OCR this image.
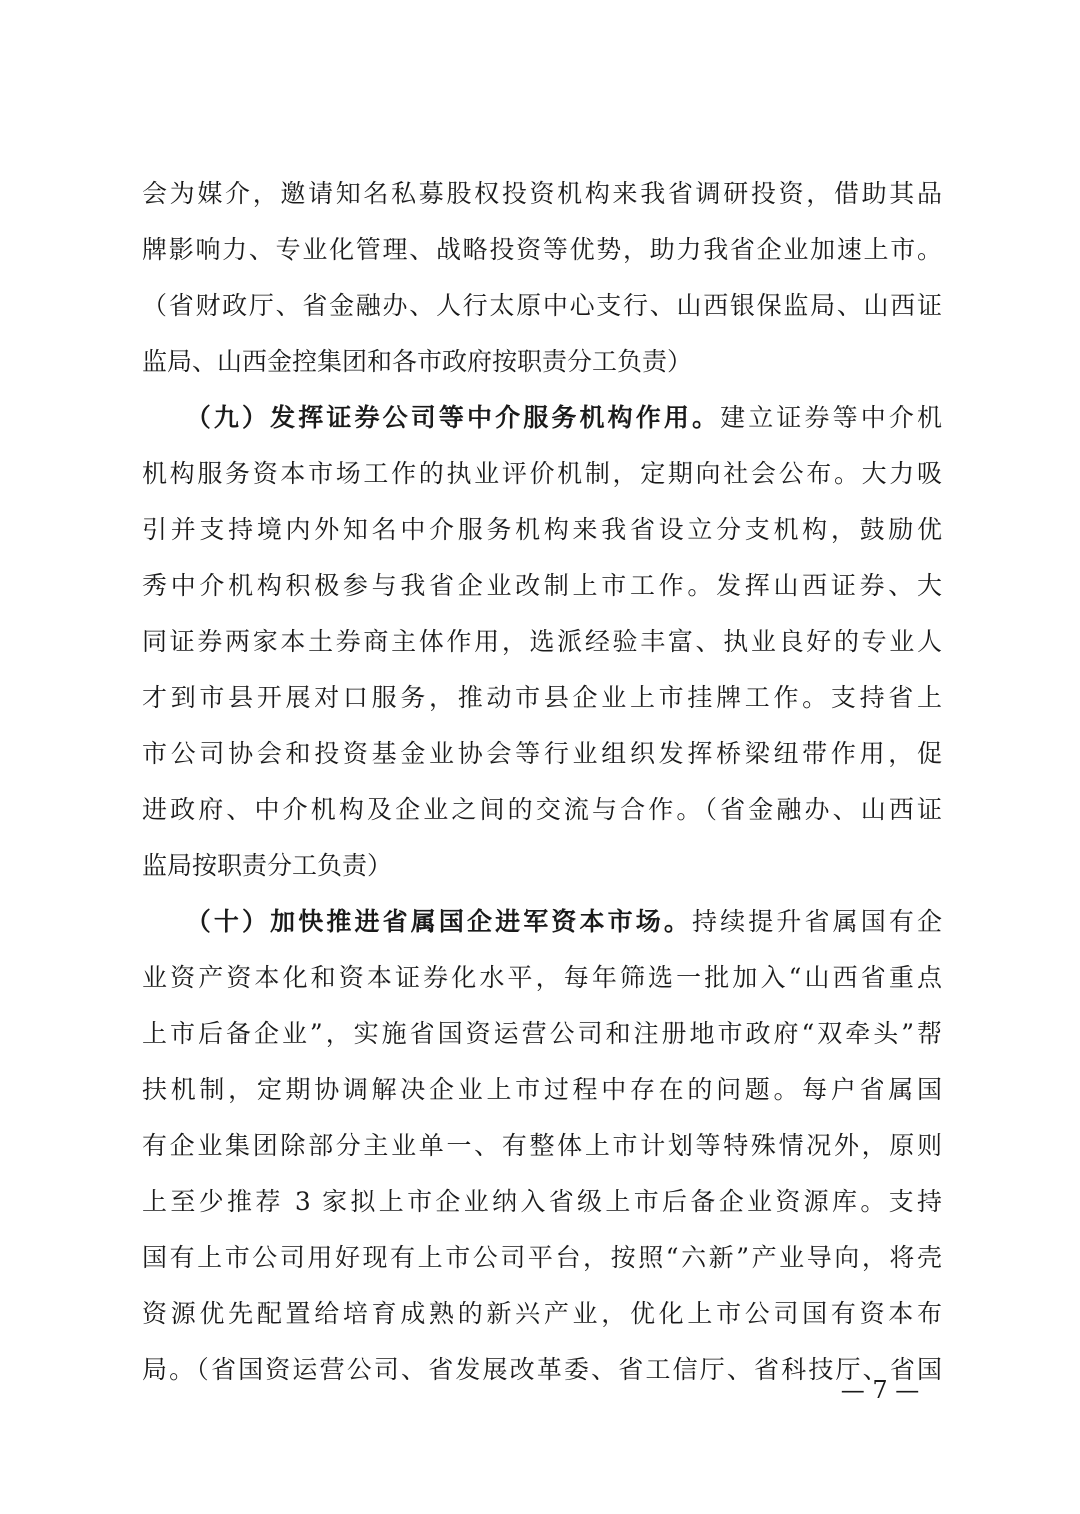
会为媒介，邀请知名私募股权投资机构来我省调研投资，借助其品
牌影响力、专业化管理、战略投资等优势，助力我省企业加速上市。
（省财政厅、省金融办、人行太原中心支行、山西银保监局、山西证
监局、山西金控集团和各市政府按职责分工负责）
　　（九）发挥证券公司等中介服务机构作用。建立证券等中介机
机构服务资本市场工作的执业评价机制，定期向社会公布。大力吸
引并支持境内外知名中介服务机构来我省设立分支机构，鼓励优
秀中介机构积极参与我省企业改制上市工作。发挥山西证券、大
同证券两家本土券商主体作用，选派经验丰富、执业良好的专业人
才到市县开展对口服务，推动市县企业上市挂牌工作。支持省上
市公司协会和投资基金业协会等行业组织发挥桥梁纽带作用，促
进政府、中介机构及企业之间的交流与合作。（省金融办、山西证
监局按职责分工负责）
　　（十）加快推进省属国企进军资本市场。持续提升省属国有企
业资产资本化和资本证券化水平，每年筛选一批加入“山西省重点
上市后备企业”，实施省国资运营公司和注册地市政府“双牵头”帮
扶机制，定期协调解决企业上市过程中存在的问题。每户省属国
有企业集团除部分主业单一、有整体上市计划等特殊情况外，原则
上至少推荐 3 家拟上市企业纳入省级上市后备企业资源库。支持
国有上市公司用好现有上市公司平台，按照“六新”产业导向，将壳
资源优先配置给培育成熟的新兴产业，优化上市公司国有资本布
局。（省国资运营公司、省发展改革委、省工信厅、省科技厅、省国
— 7 —
